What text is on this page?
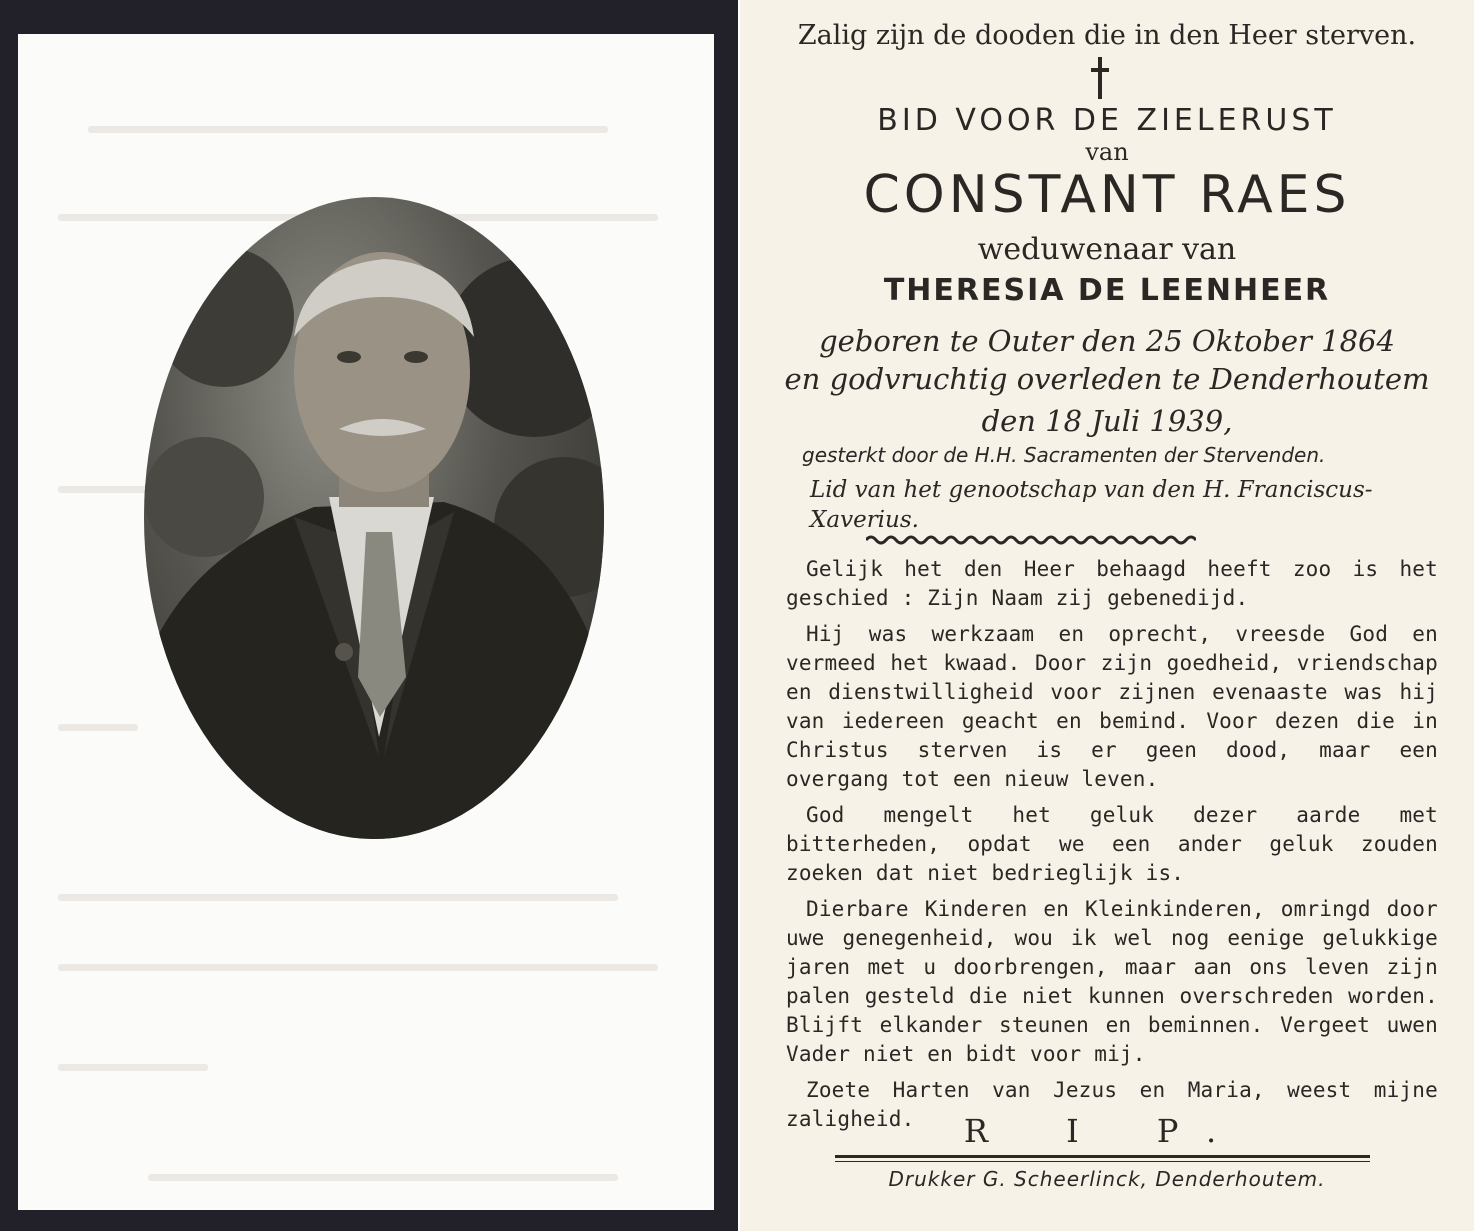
Zalig zijn de dooden die in den Heer sterven.
BID VOOR DE ZIELERUST
van
CONSTANT RAES
weduwenaar van
THERESIA DE LEENHEER
geboren te Outer den 25 Oktober 1864
en godvruchtig overleden te Denderhoutem
den 18 Juli 1939,
gesterkt door de H.H. Sacramenten der Stervenden.
Lid van het genootschap van den H. Franciscus-Xaverius.

Gelijk het den Heer behaagd heeft zoo is het geschied : Zijn Naam zij gebenedijd.

Hij was werkzaam en oprecht, vreesde God en vermeed het kwaad. Door zijn goedheid, vriendschap en dienstwilligheid voor zijnen evenaaste was hij van iedereen geacht en bemind. Voor dezen die in Christus sterven is er geen dood, maar een overgang tot een nieuw leven.

God mengelt het geluk dezer aarde met bitterheden, opdat we een ander geluk zouden zoeken dat niet bedrieglijk is.

Dierbare Kinderen en Kleinkinderen, omringd door uwe genegenheid, wou ik wel nog eenige gelukkige jaren met u doorbrengen, maar aan ons leven zijn palen gesteld die niet kunnen overschreden worden. Blijft elkander steunen en beminnen. Vergeet uwen Vader niet en bidt voor mij.

Zoete Harten van Jezus en Maria, weest mijne zaligheid.	R I P.
Drukker G. Scheerlinck, Denderhoutem.
